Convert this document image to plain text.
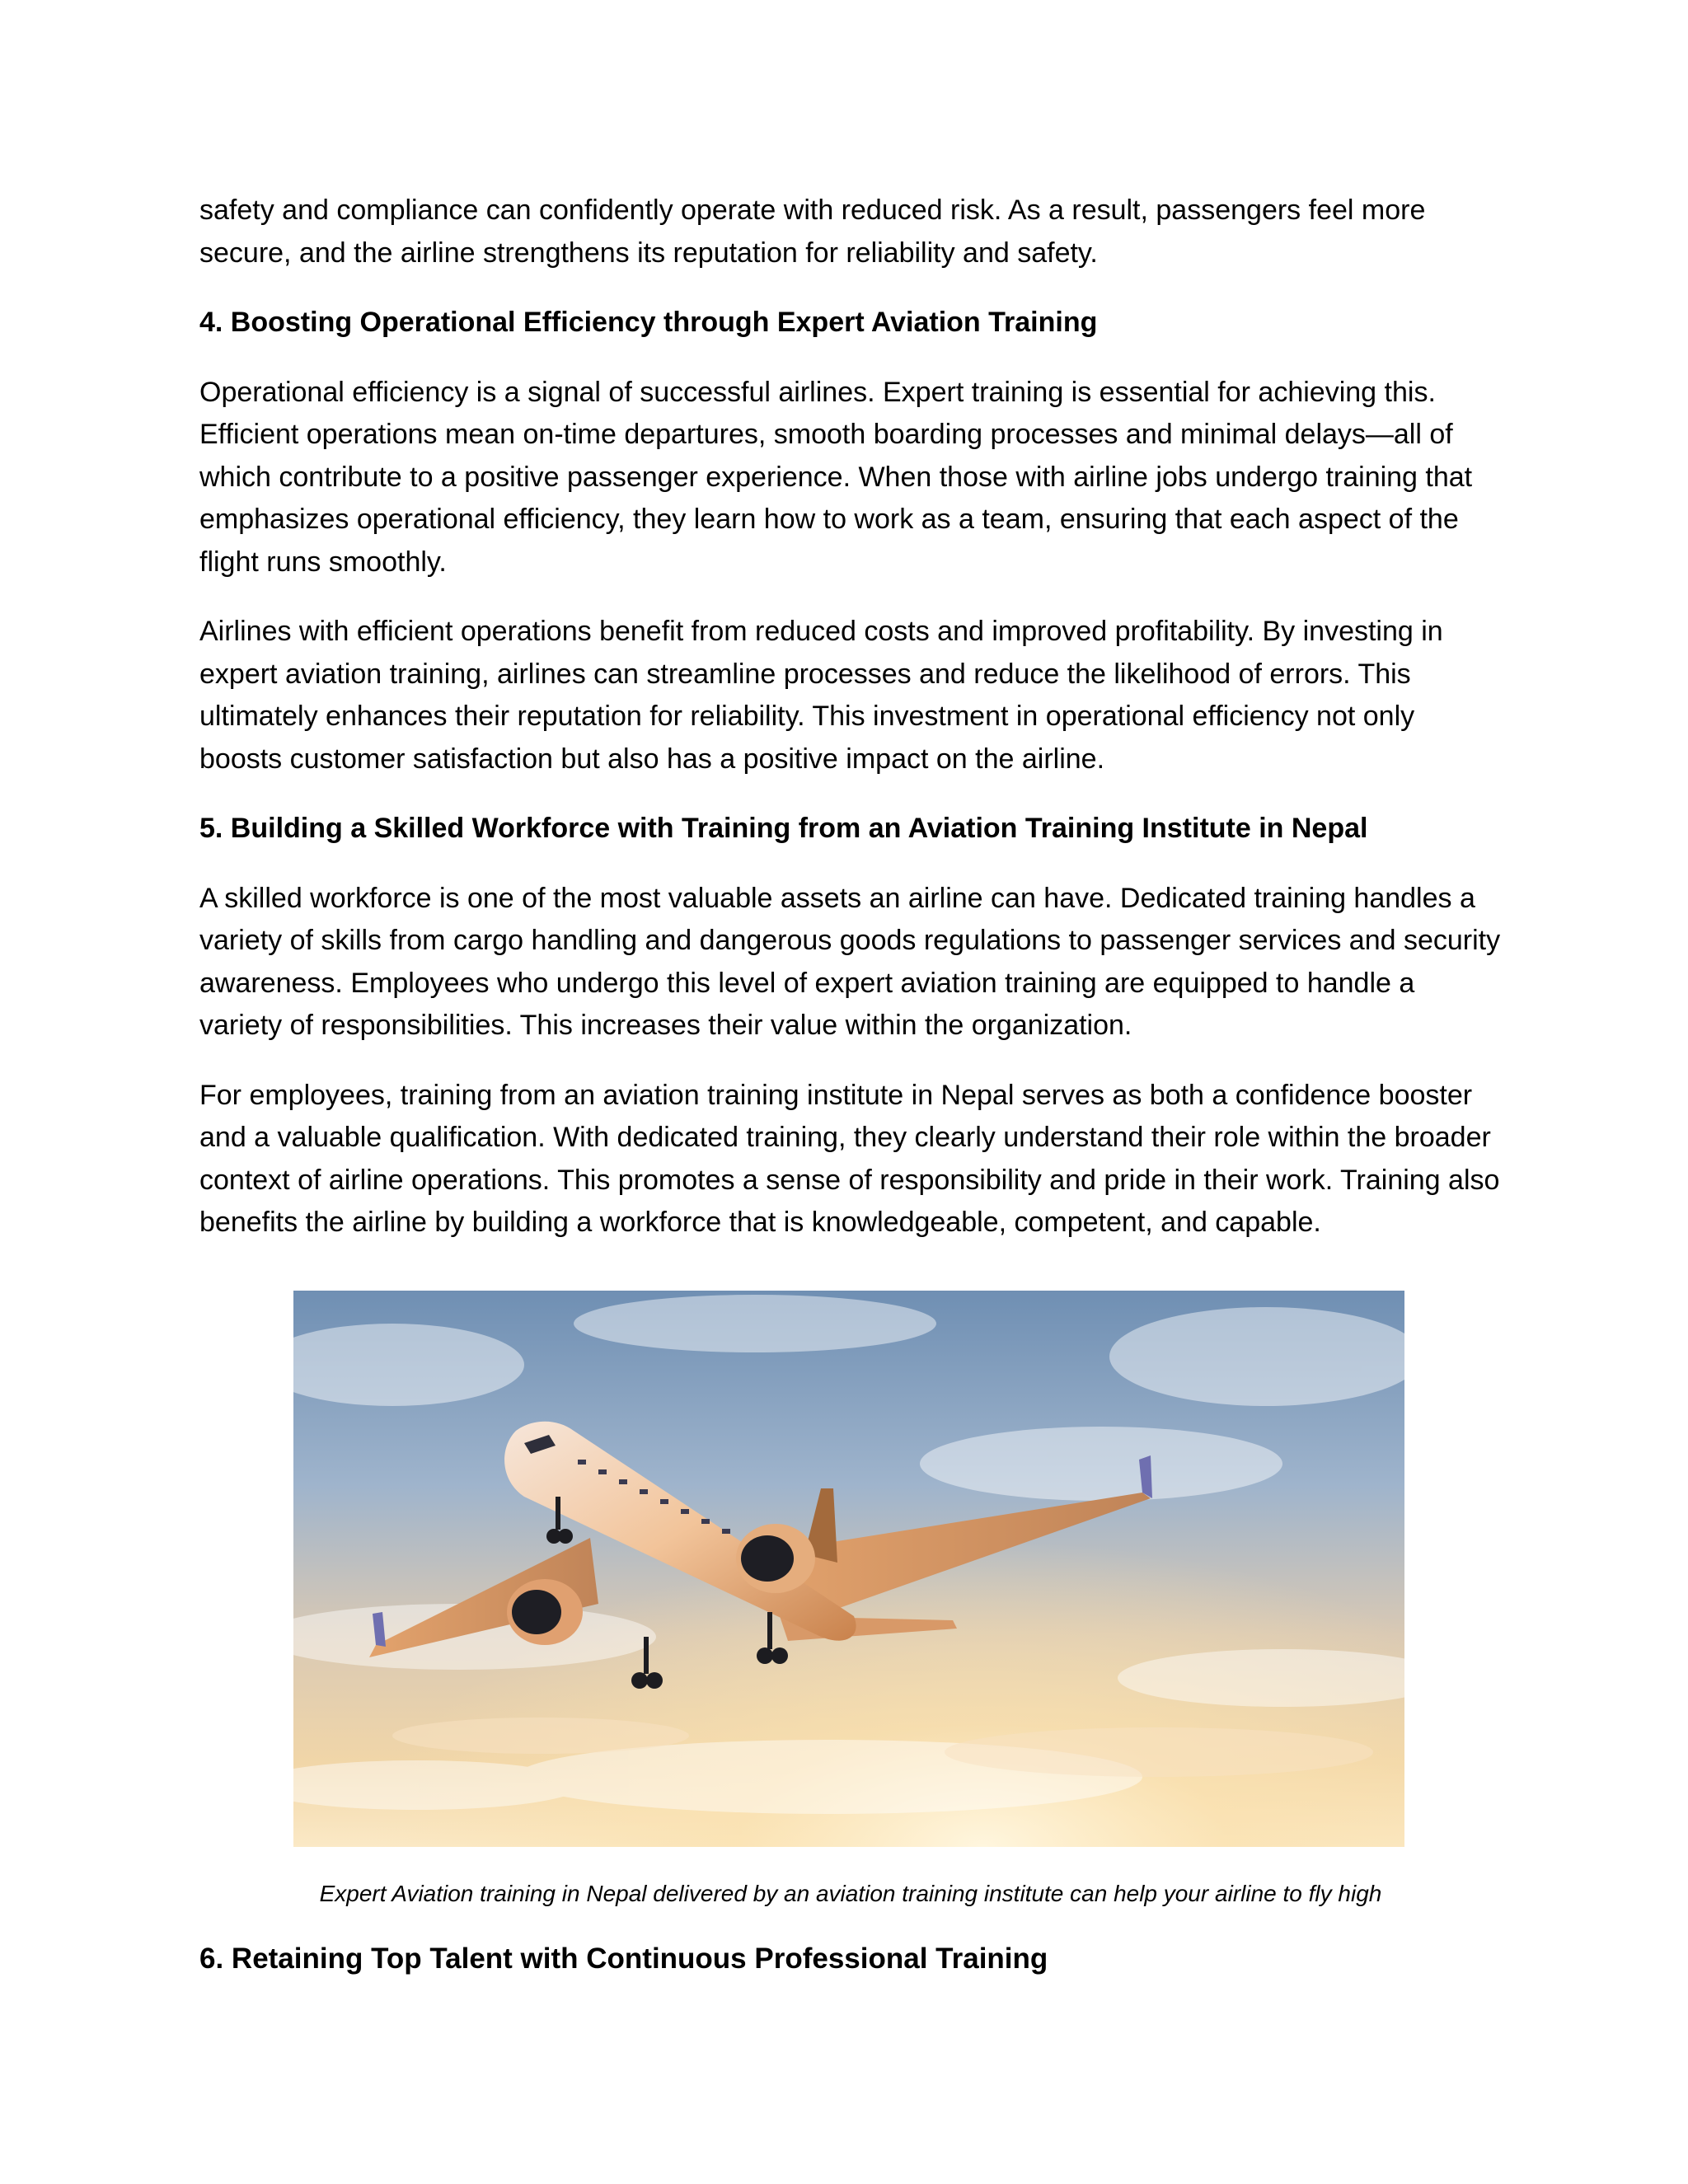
safety and compliance can confidently operate with reduced risk. As a result, passengers feel more secure, and the airline strengthens its reputation for reliability and safety.

4. Boosting Operational Efficiency through Expert Aviation Training

Operational efficiency is a signal of successful airlines. Expert training is essential for achieving this. Efficient operations mean on-time departures, smooth boarding processes and minimal delays—all of which contribute to a positive passenger experience. When those with airline jobs undergo training that emphasizes operational efficiency, they learn how to work as a team, ensuring that each aspect of the flight runs smoothly.

Airlines with efficient operations benefit from reduced costs and improved profitability. By investing in expert aviation training, airlines can streamline processes and reduce the likelihood of errors. This ultimately enhances their reputation for reliability. This investment in operational efficiency not only boosts customer satisfaction but also has a positive impact on the airline.

5. Building a Skilled Workforce with Training from an Aviation Training Institute in Nepal

A skilled workforce is one of the most valuable assets an airline can have. Dedicated training handles a variety of skills from cargo handling and dangerous goods regulations to passenger services and security awareness. Employees who undergo this level of expert aviation training are equipped to handle a variety of responsibilities. This increases their value within the organization.

For employees, training from an aviation training institute in Nepal serves as both a confidence booster and a valuable qualification. With dedicated training, they clearly understand their role within the broader context of airline operations. This promotes a sense of responsibility and pride in their work. Training also benefits the airline by building a workforce that is knowledgeable, competent, and capable.

Expert Aviation training in Nepal delivered by an aviation training institute can help your airline to fly high
6. Retaining Top Talent with Continuous Professional Training
